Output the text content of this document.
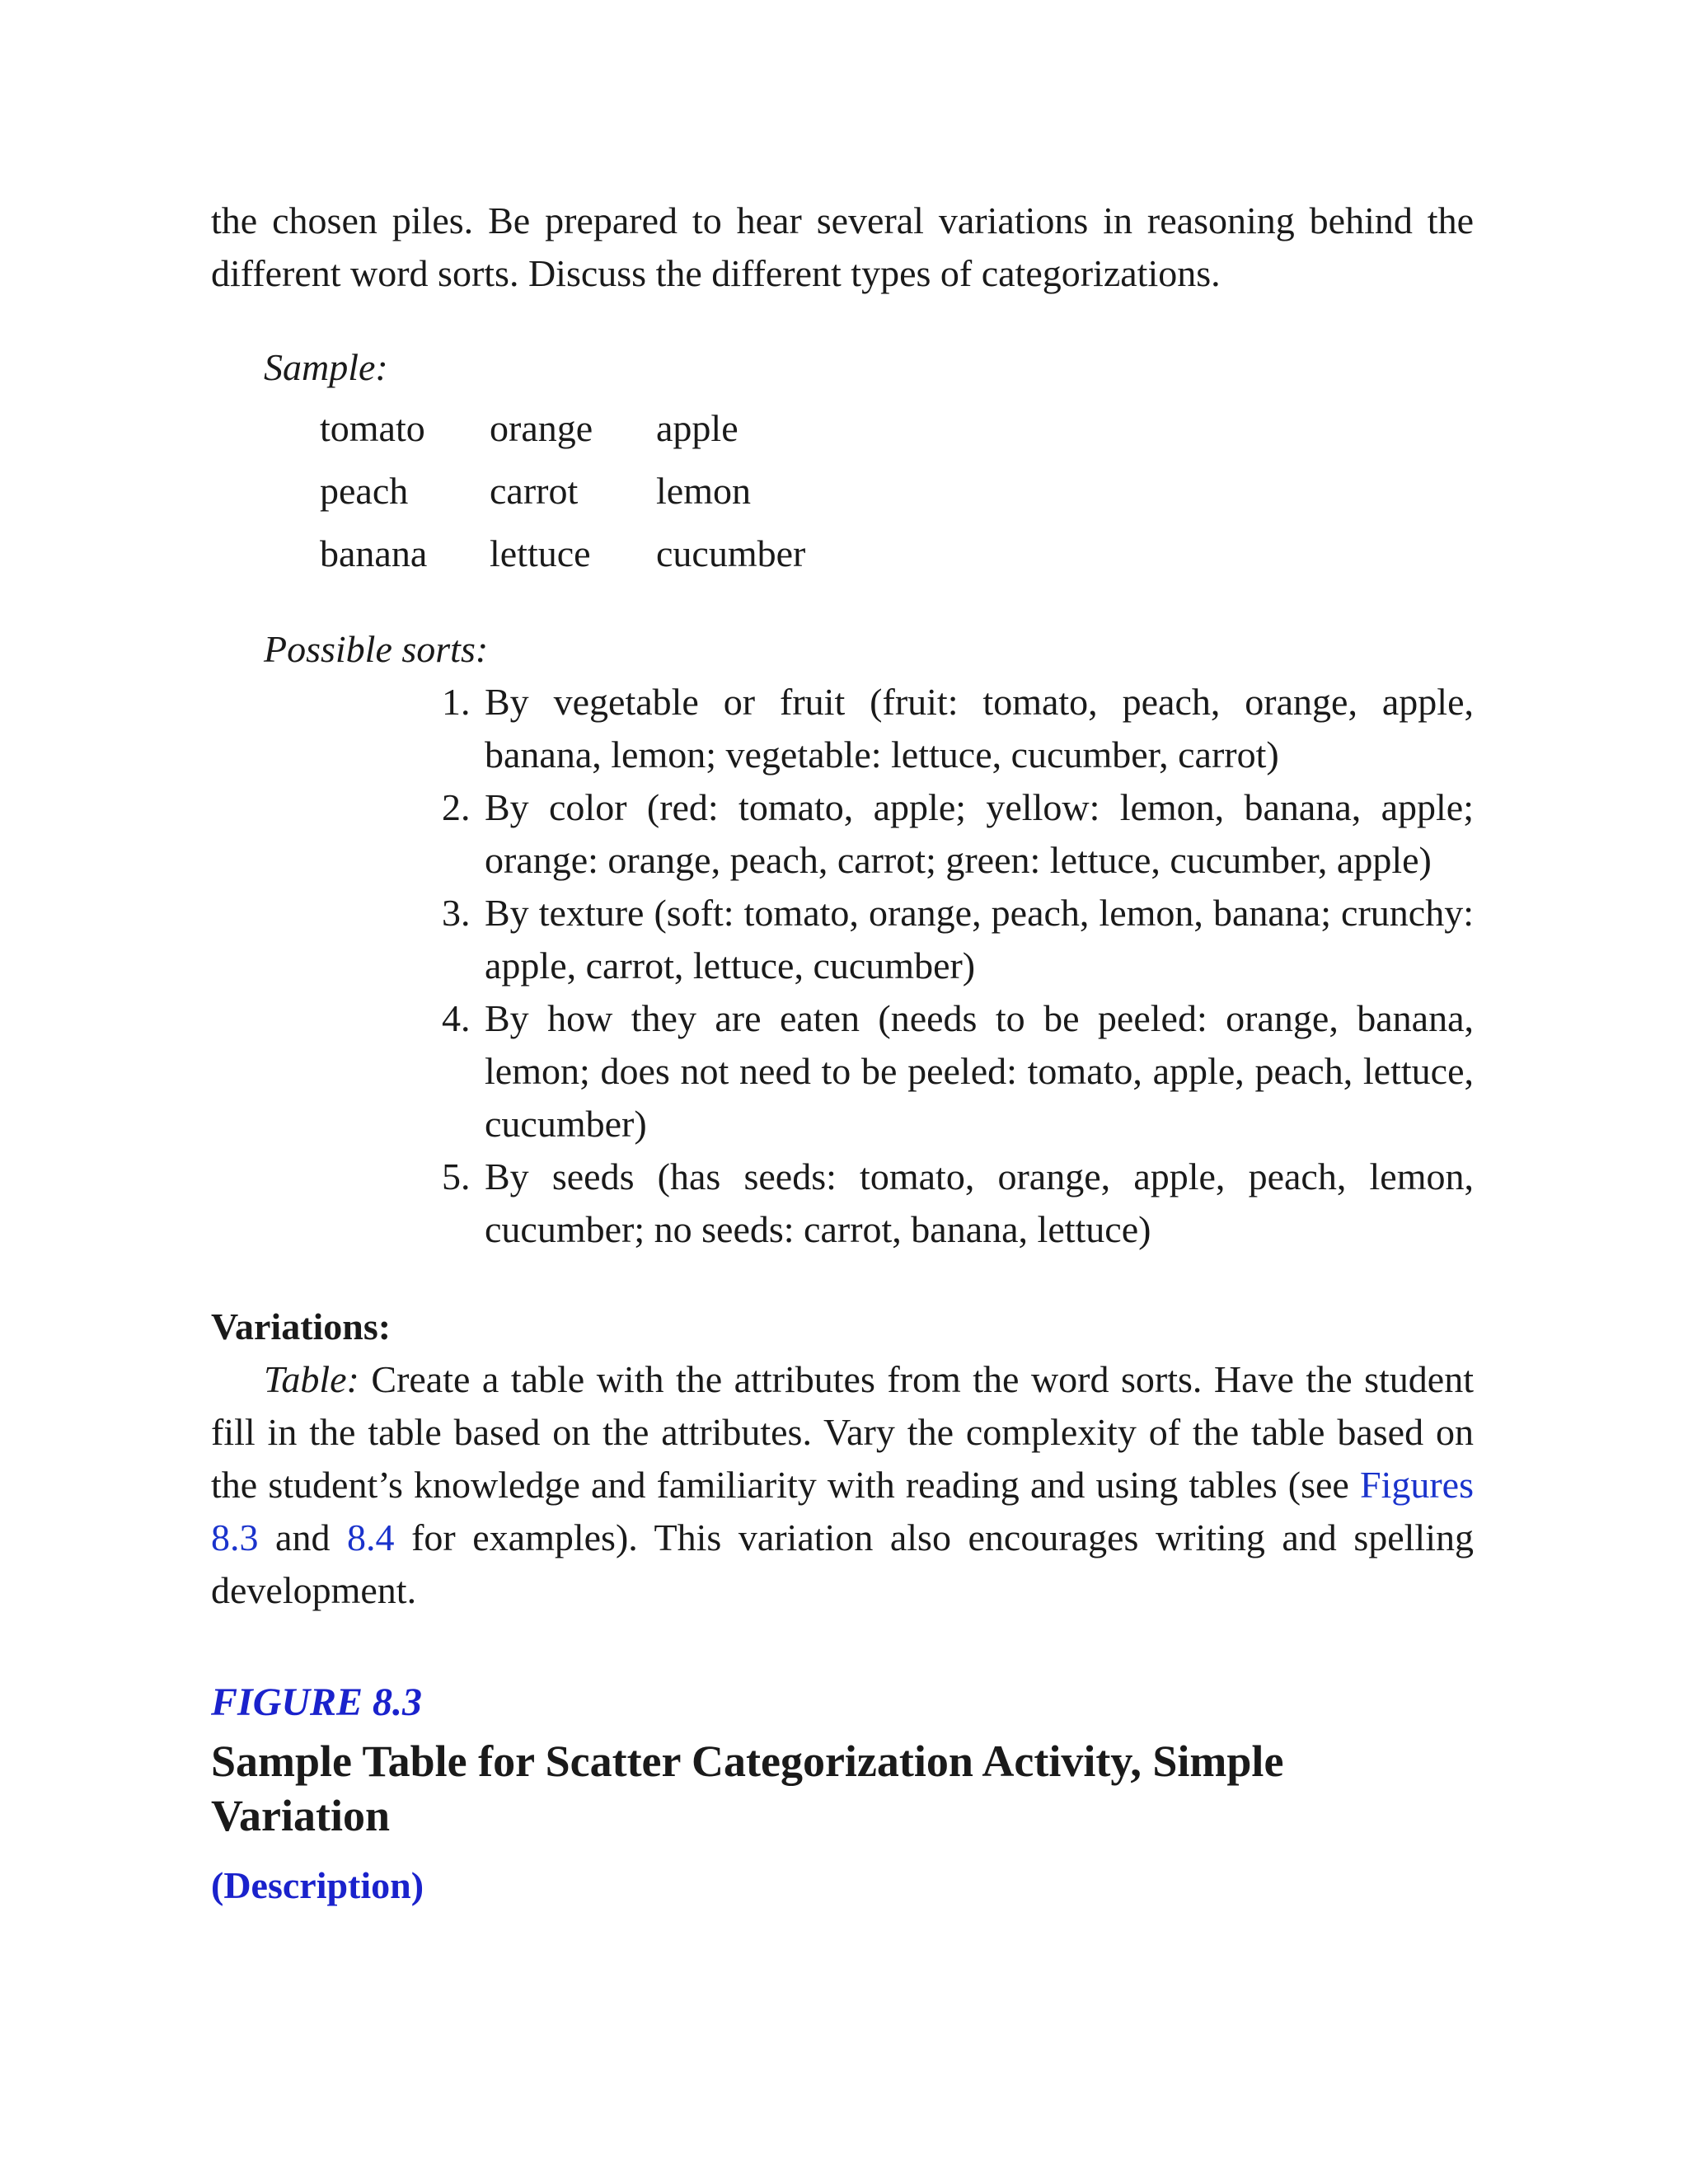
the chosen piles. Be prepared to hear several variations in reasoning behind the different word sorts. Discuss the different types of categorizations.

Sample:
tomato	orange	apple
peach	carrot	lemon
banana	lettuce	cucumber
Possible sorts:
1. By vegetable or fruit (fruit: tomato, peach, orange, apple, banana, lemon; vegetable: lettuce, cucumber, carrot)
2. By color (red: tomato, apple; yellow: lemon, banana, apple; orange: orange, peach, carrot; green: lettuce, cucumber, apple)
3. By texture (soft: tomato, orange, peach, lemon, banana; crunchy: apple, carrot, lettuce, cucumber)
4. By how they are eaten (needs to be peeled: orange, banana, lemon; does not need to be peeled: tomato, apple, peach, lettuce, cucumber)
5. By seeds (has seeds: tomato, orange, apple, peach, lemon, cucumber; no seeds: carrot, banana, lettuce)
Variations:

Table: Create a table with the attributes from the word sorts. Have the student fill in the table based on the attributes. Vary the complexity of the table based on the student’s knowledge and familiarity with reading and using tables (see Figures 8.3 and 8.4 for examples). This variation also encourages writing and spelling development.

FIGURE 8.3
Sample Table for Scatter Categorization Activity, Simple Variation
(Description)
